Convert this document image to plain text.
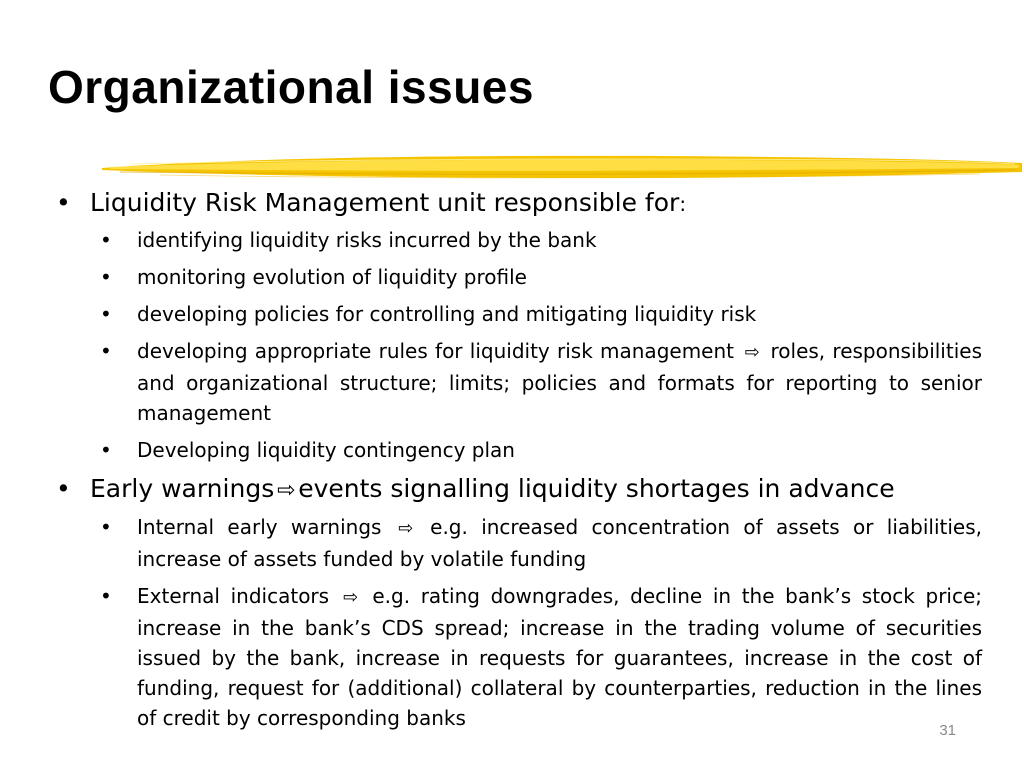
Organizational issues
• Liquidity Risk Management unit responsible for:

• identifying liquidity risks incurred by the bank

• monitoring evolution of liquidity profile

• developing policies for controlling and mitigating liquidity risk

• developing appropriate rules for liquidity risk management ⇨ roles, responsibilities and organizational structure; limits; policies and formats for reporting to senior management

• Developing liquidity contingency plan

• Early warnings ⇨ events signalling liquidity shortages in advance

• Internal early warnings ⇨ e.g. increased concentration of assets or liabilities, increase of assets funded by volatile funding

• External indicators ⇨ e.g. rating downgrades, decline in the bank’s stock price; increase in the bank’s CDS spread; increase in the trading volume of securities issued by the bank, increase in requests for guarantees, increase in the cost of funding, request for (additional) collateral by counterparties, reduction in the lines of credit by corresponding banks

31
